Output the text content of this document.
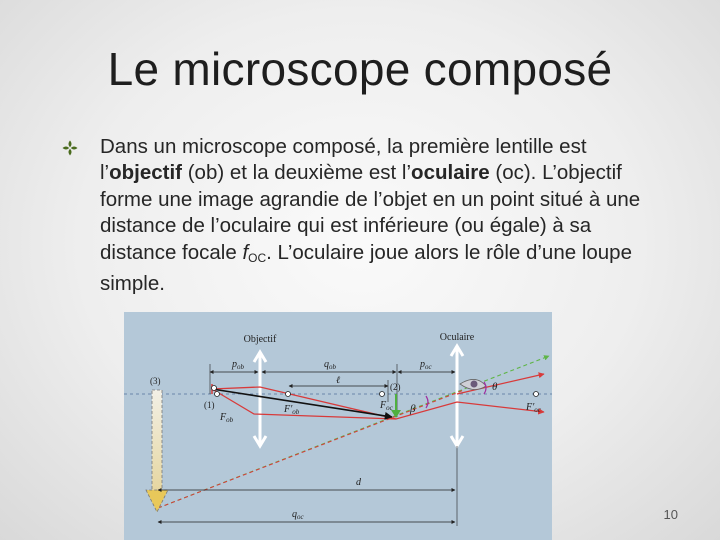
Le microscope composé
Dans un microscope composé, la première lentille est l’objectif (ob) et la deuxième est l’oculaire (oc). L’objectif forme une image agrandie de l’objet en un point situé à une distance de l’oculaire qui est inférieure (ou égale) à sa distance focale $f_{OC}$. L’oculaire joue alors le rôle d’une loupe simple.
Objectif	Oculaire
$p_{ob}$	$q_{ob}$	$p_{oc}$
ℓ
(1)
$F_{ob}$
$F'_{ob}$
(2)
$F_{oc}$ β
θ
$F'_{oc}$
(3)
d
$q_{oc}$	10
